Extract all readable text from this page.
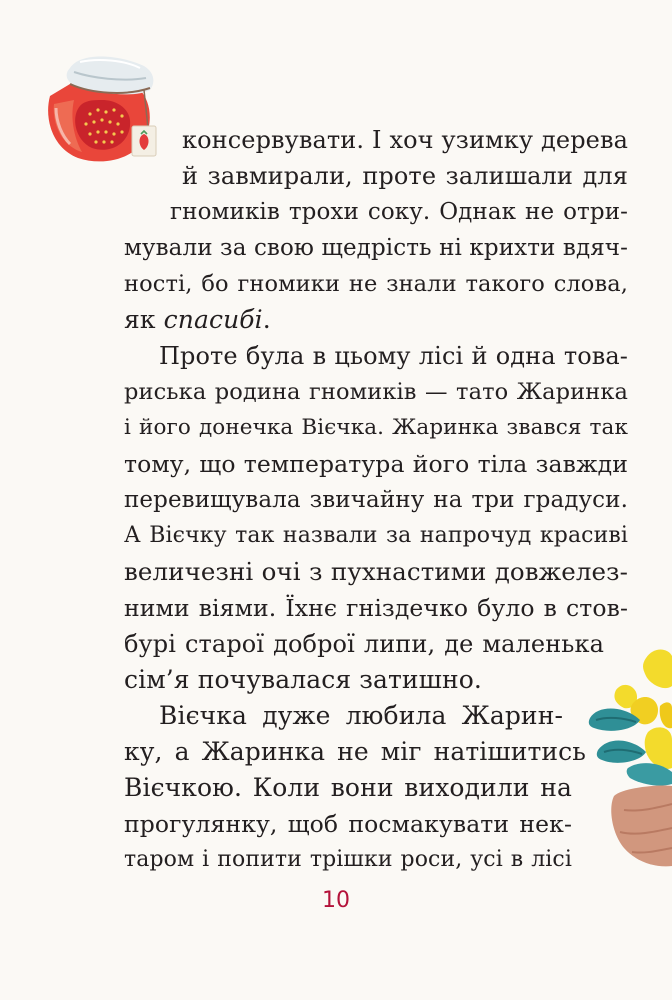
консервувати. І хоч узимку дерева
й завмирали, проте залишали для
гномиків трохи соку. Однак не отри-
мували за свою щедрість ні крихти вдяч-
ності, бо гномики не знали такого слова,
як спасибі.
Проте була в цьому лісі й одна това-
риська родина гномиків — тато Жаринка
і його донечка Вієчка. Жаринка звався так
тому, що температура його тіла завжди
перевищувала звичайну на три градуси.
А Вієчку так назвали за напрочуд красиві
величезні очі з пухнастими довжелез-
ними віями. Їхнє гніздечко було в стов-
бурі старої доброї липи, де маленька
сім’я почувалася затишно.
Вієчка дуже любила Жарин-
ку, а Жаринка не міг натішитись
Вієчкою. Коли вони виходили на
прогулянку, щоб посмакувати нек-
таром і попити трішки роси, усі в лісі
10
